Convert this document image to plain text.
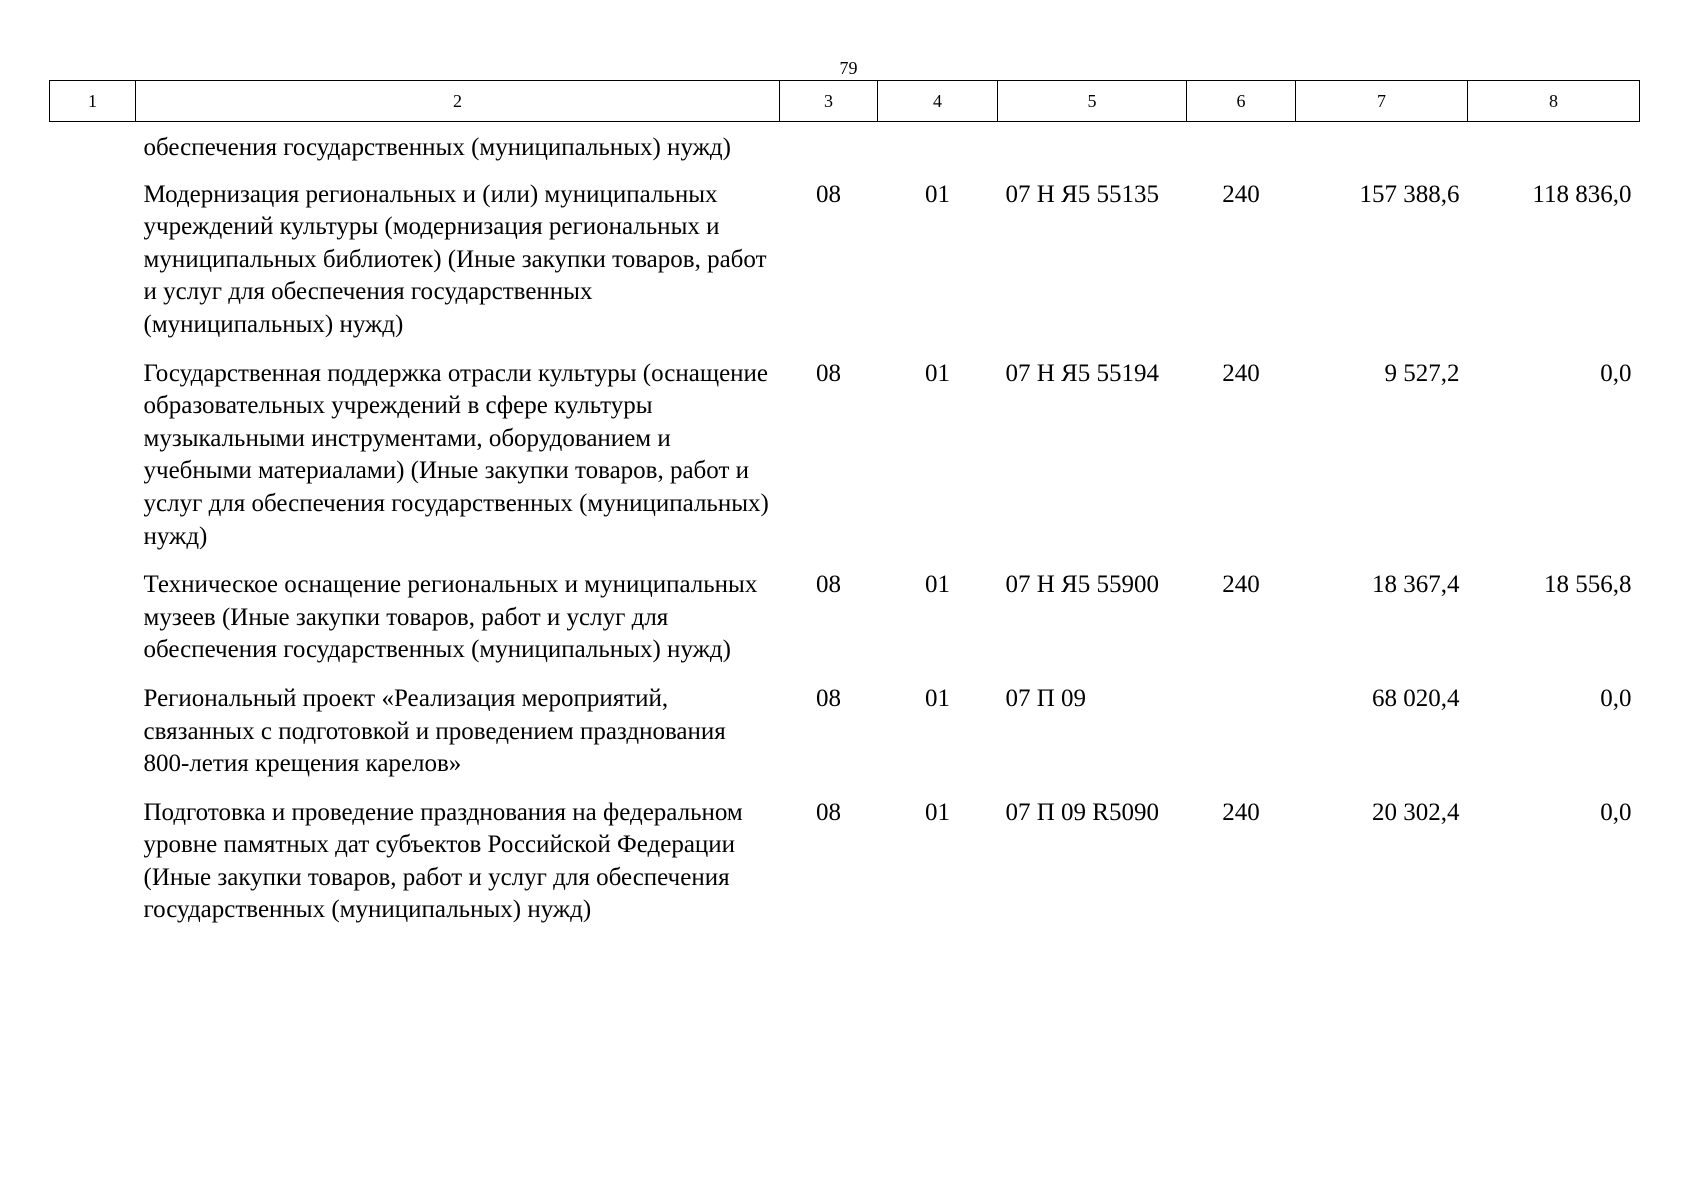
79
1	2	3	4	5	6	7	8
	обеспечения государственных (муниципальных) нужд)						
	Модернизация региональных и (или) муниципальных учреждений культуры (модернизация региональных и муниципальных библиотек) (Иные закупки товаров, работ и услуг для обеспечения государственных (муниципальных) нужд)	08	01	07 Н Я5 55135	240	157 388,6	118 836,0
	Государственная поддержка отрасли культуры (оснащение образовательных учреждений в сфере культуры музыкальными инструментами, оборудованием и учебными материалами) (Иные закупки товаров, работ и услуг для обеспечения государственных (муниципальных) нужд)	08	01	07 Н Я5 55194	240	9 527,2	0,0
	Техническое оснащение региональных и муниципальных музеев (Иные закупки товаров, работ и услуг для обеспечения государственных (муниципальных) нужд)	08	01	07 Н Я5 55900	240	18 367,4	18 556,8
	Региональный проект «Реализация мероприятий, связанных с подготовкой и проведением празднования 800-летия крещения карелов»	08	01	07 П 09		68 020,4	0,0
	Подготовка и проведение празднования на федеральном уровне памятных дат субъектов Российской Федерации (Иные закупки товаров, работ и услуг для обеспечения государственных (муниципальных) нужд)	08	01	07 П 09 R5090	240	20 302,4	0,0
